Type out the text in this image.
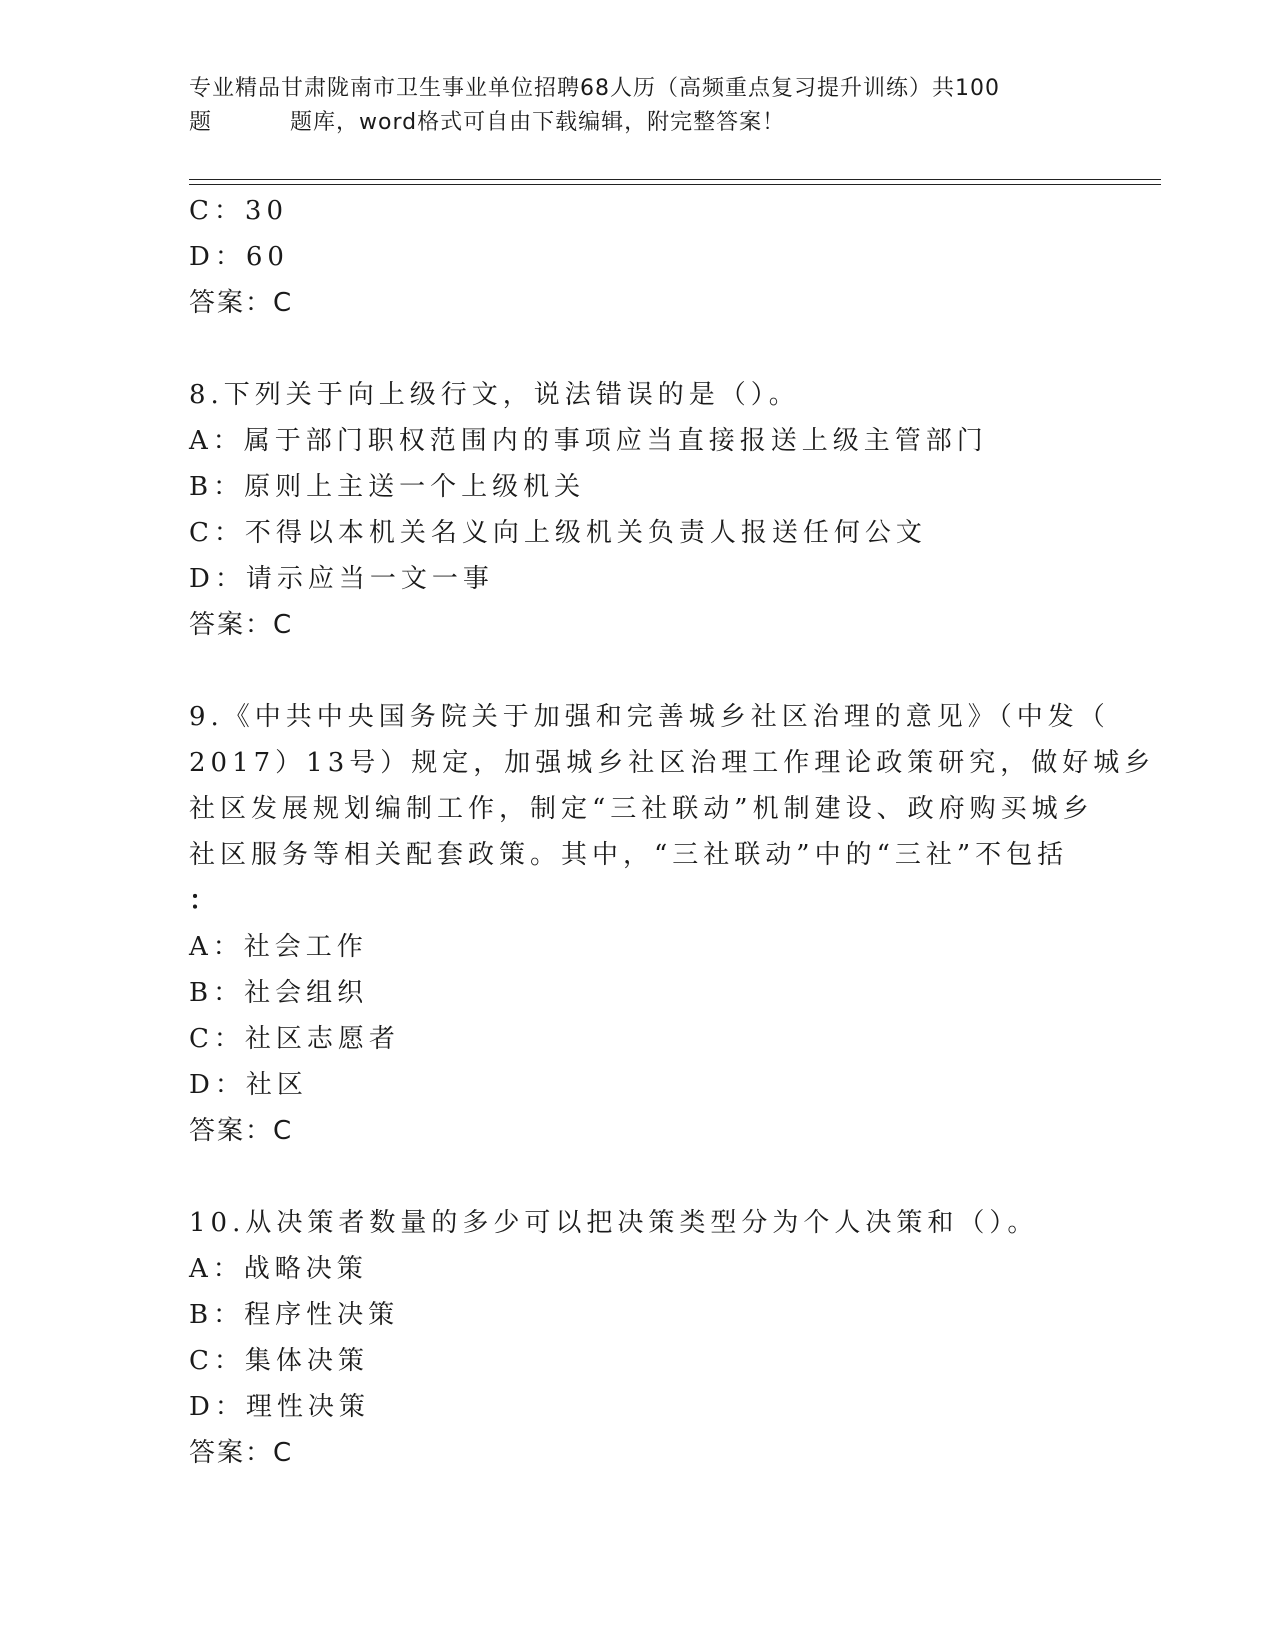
专业精品甘肃陇南市卫生事业单位招聘68人历（高频重点复习提升训练）共100
题	题库，word格式可自由下载编辑，附完整答案！
C：30
D：60
答案：C
8.下列关于向上级行文，说法错误的是（）。
A：属于部门职权范围内的事项应当直接报送上级主管部门
B：原则上主送一个上级机关
C：不得以本机关名义向上级机关负责人报送任何公文
D：请示应当一文一事
答案：C
9.《中共中央国务院关于加强和完善城乡社区治理的意见》（中发（
2017）13号）规定，加强城乡社区治理工作理论政策研究，做好城乡
社区发展规划编制工作，制定“三社联动”机制建设、政府购买城乡
社区服务等相关配套政策。其中，“三社联动”中的“三社”不包括
：
A：社会工作
B：社会组织
C：社区志愿者
D：社区
答案：C
10.从决策者数量的多少可以把决策类型分为个人决策和（）。
A：战略决策
B：程序性决策
C：集体决策
D：理性决策
答案：C
